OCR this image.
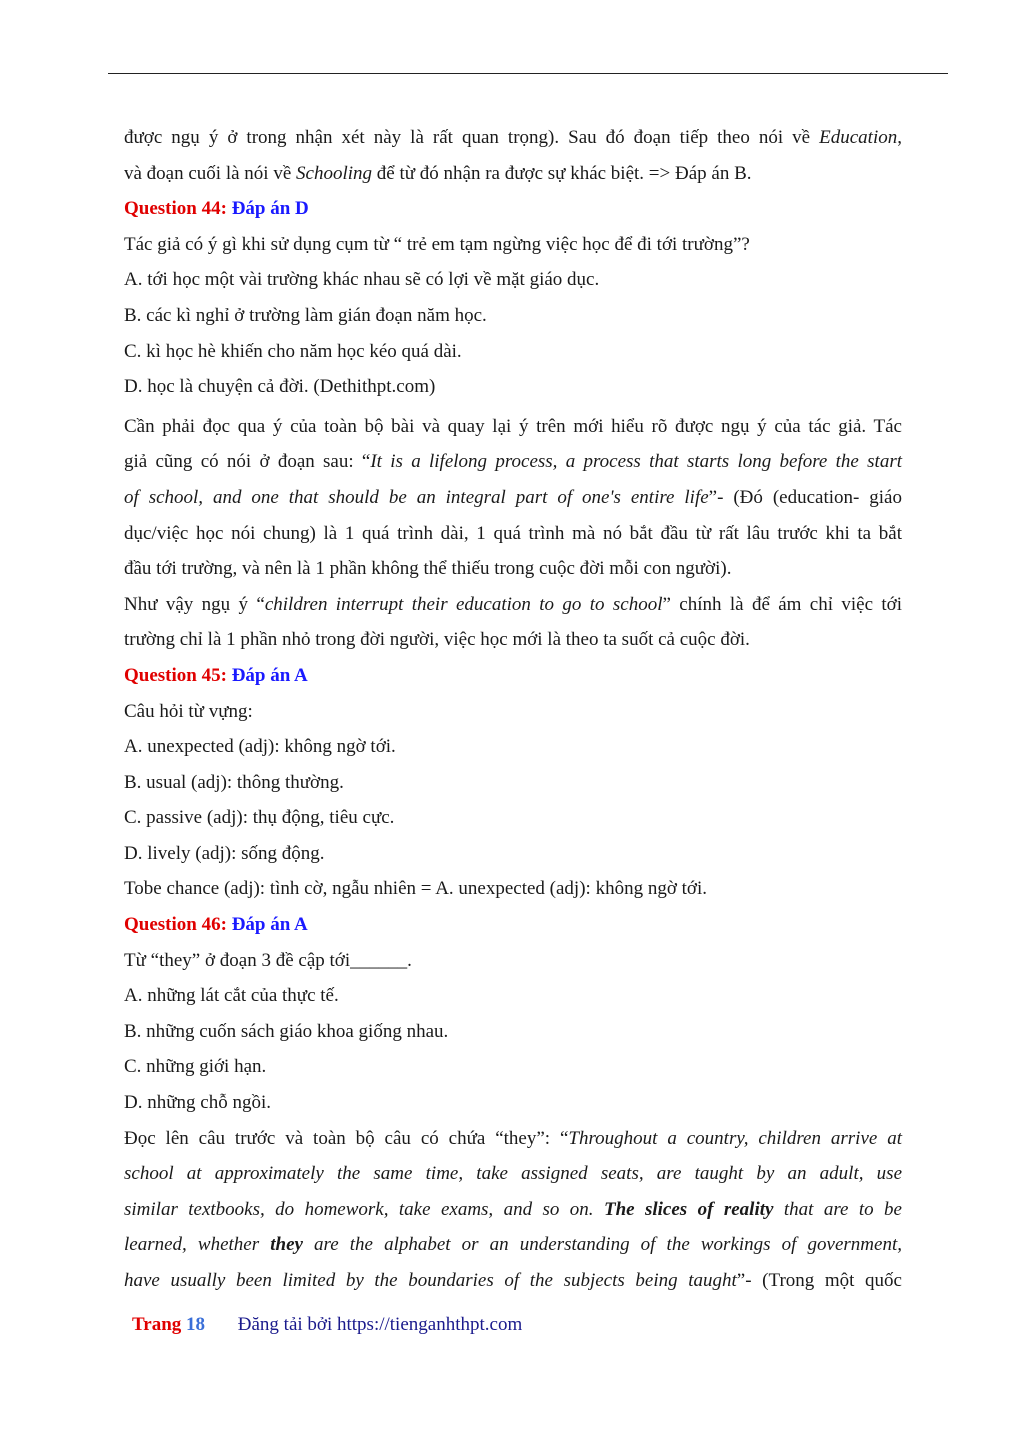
được ngụ ý ở trong nhận xét này là rất quan trọng). Sau đó đoạn tiếp theo nói về Education,
và đoạn cuối là nói về Schooling để từ đó nhận ra được sự khác biệt. => Đáp án B.
Question 44: Đáp án D
Tác giả có ý gì khi sử dụng cụm từ “ trẻ em tạm ngừng việc học để đi tới trường”?
A. tới học một vài trường khác nhau sẽ có lợi về mặt giáo dục.
B. các kì nghỉ ở trường làm gián đoạn năm học.
C. kì học hè khiến cho năm học kéo quá dài.
D. học là chuyện cả đời. (Dethithpt.com)
Cần phải đọc qua ý của toàn bộ bài và quay lại ý trên mới hiểu rõ được ngụ ý của tác giả. Tác
giả cũng có nói ở đoạn sau: “It is a lifelong process, a process that starts long before the start
of school, and one that should be an integral part of one's entire life”- (Đó (education- giáo
dục/việc học nói chung) là 1 quá trình dài, 1 quá trình mà nó bắt đầu từ rất lâu trước khi ta bắt
đầu tới trường, và nên là 1 phần không thể thiếu trong cuộc đời mỗi con người).
Như vậy ngụ ý “children interrupt their education to go to school” chính là để ám chỉ việc tới
trường chỉ là 1 phần nhỏ trong đời người, việc học mới là theo ta suốt cả cuộc đời.
Question 45: Đáp án A
Câu hỏi từ vựng:
A. unexpected (adj): không ngờ tới.
B. usual (adj): thông thường.
C. passive (adj): thụ động, tiêu cực.
D. lively (adj): sống động.
Tobe chance (adj): tình cờ, ngẫu nhiên = A. unexpected (adj): không ngờ tới.
Question 46: Đáp án A
Từ “they” ở đoạn 3 đề cập tới______.
A. những lát cắt của thực tế.
B. những cuốn sách giáo khoa giống nhau.
C. những giới hạn.
D. những chỗ ngồi.
Đọc lên câu trước và toàn bộ câu có chứa “they”: “Throughout a country, children arrive at
school at approximately the same time, take assigned seats, are taught by an adult, use
similar textbooks, do homework, take exams, and so on. The slices of reality that are to be
learned, whether they are the alphabet or an understanding of the workings of government,
have usually been limited by the boundaries of the subjects being taught”- (Trong một quốc
Trang 18 Đăng tải bởi https://tienganhthpt.com
